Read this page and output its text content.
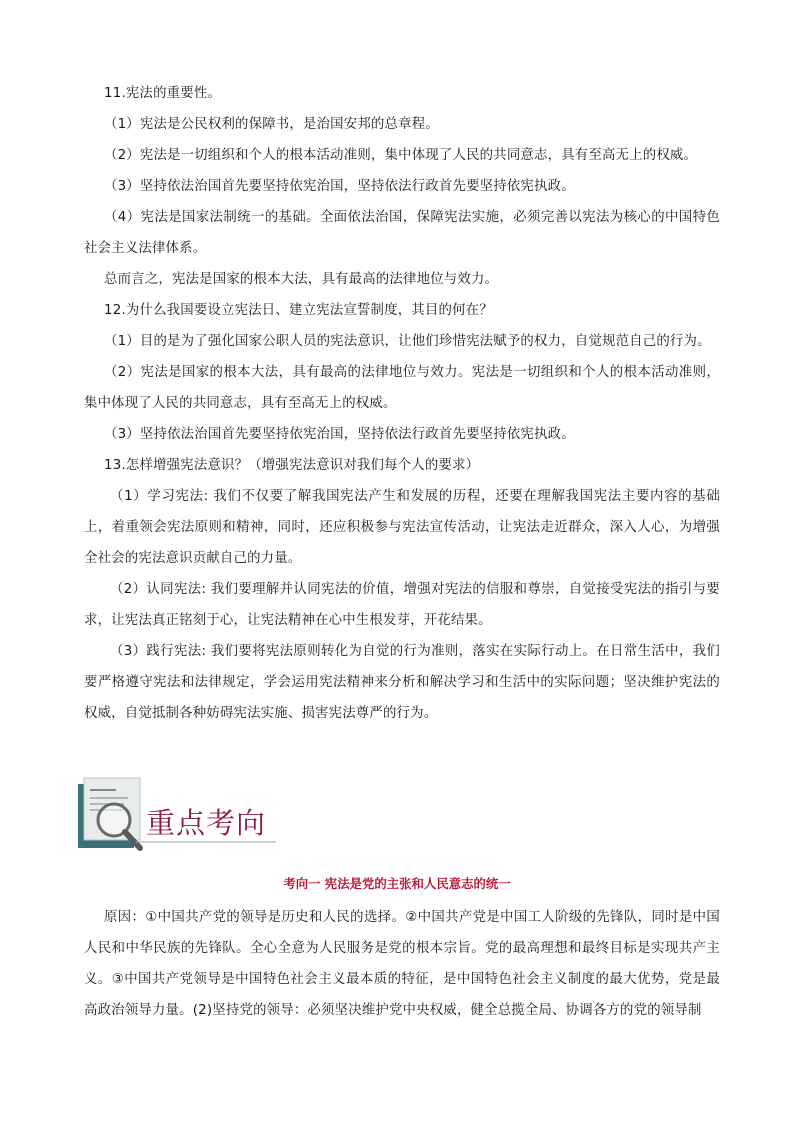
11.宪法的重要性。

（1）宪法是公民权利的保障书，是治国安邦的总章程。

（2）宪法是一切组织和个人的根本活动准则，集中体现了人民的共同意志，具有至高无上的权威。

（3）坚持依法治国首先要坚持依宪治国，坚持依法行政首先要坚持依宪执政。

（4）宪法是国家法制统一的基础。全面依法治国，保障宪法实施，必须完善以宪法为核心的中国特色社会主义法律体系。

总而言之，宪法是国家的根本大法，具有最高的法律地位与效力。

12.为什么我国要设立宪法日、建立宪法宣誓制度，其目的何在？

（1）目的是为了强化国家公职人员的宪法意识，让他们珍惜宪法赋予的权力，自觉规范自己的行为。

（2）宪法是国家的根本大法，具有最高的法律地位与效力。宪法是一切组织和个人的根本活动准则，集中体现了人民的共同意志，具有至高无上的权威。

（3）坚持依法治国首先要坚持依宪治国，坚持依法行政首先要坚持依宪执政。

13.怎样增强宪法意识？（增强宪法意识对我们每个人的要求）

（1）学习宪法: 我们不仅要了解我国宪法产生和发展的历程，还要在理解我国宪法主要内容的基础上，着重领会宪法原则和精神，同时，还应积极参与宪法宣传活动，让宪法走近群众，深入人心，为增强全社会的宪法意识贡献自己的力量。

（2）认同宪法: 我们要理解并认同宪法的价值，增强对宪法的信服和尊崇，自觉接受宪法的指引与要求，让宪法真正铭刻于心，让宪法精神在心中生根发芽，开花结果。

（3）践行宪法: 我们要将宪法原则转化为自觉的行为准则，落实在实际行动上。在日常生活中，我们要严格遵守宪法和法律规定，学会运用宪法精神来分析和解决学习和生活中的实际问题；坚决维护宪法的权威，自觉抵制各种妨碍宪法实施、损害宪法尊严的行为。

重点考向
考向一 宪法是党的主张和人民意志的统一

原因：①中国共产党的领导是历史和人民的选择。②中国共产党是中国工人阶级的先锋队，同时是中国人民和中华民族的先锋队。全心全意为人民服务是党的根本宗旨。党的最高理想和最终目标是实现共产主义。③中国共产党领导是中国特色社会主义最本质的特征，是中国特色社会主义制度的最大优势，党是最高政治领导力量。(2)坚持党的领导：必须坚决维护党中央权威，健全总揽全局、协调各方的党的领导制
